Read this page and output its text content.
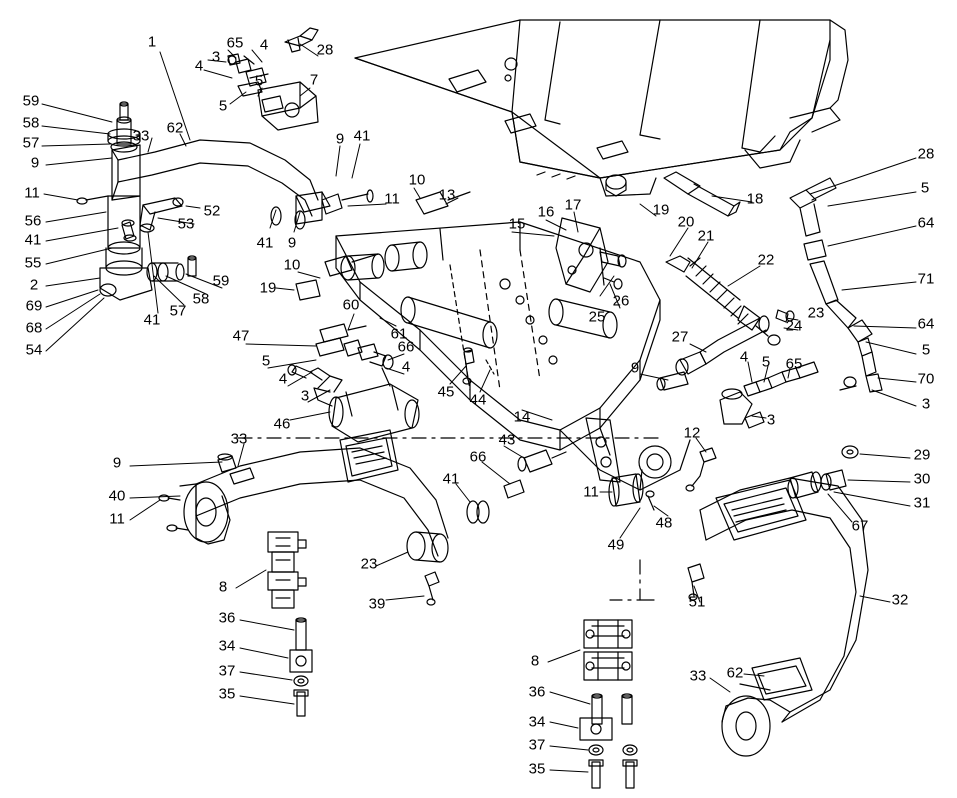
1	65 4	28
3
4
5	7
5
59
58
33 62
57
9
9 41
28
11
52
53
11
10
13	18
19
5
56
41
55
41 9
15
16 17
20
21
64
22
71
10
19
2
69
68
54
41
57
58
59
26
25	23
24	64
60
61	27
5
47
66
4
5
4
9
4 5 65
70
3	45 44	3
46	14	3
33	43	12
29
9	66
30
40
41
11
31
11	48	67
49
23
8
39	51	32
36
34
8
62
37	33
35	36
34
37
35
